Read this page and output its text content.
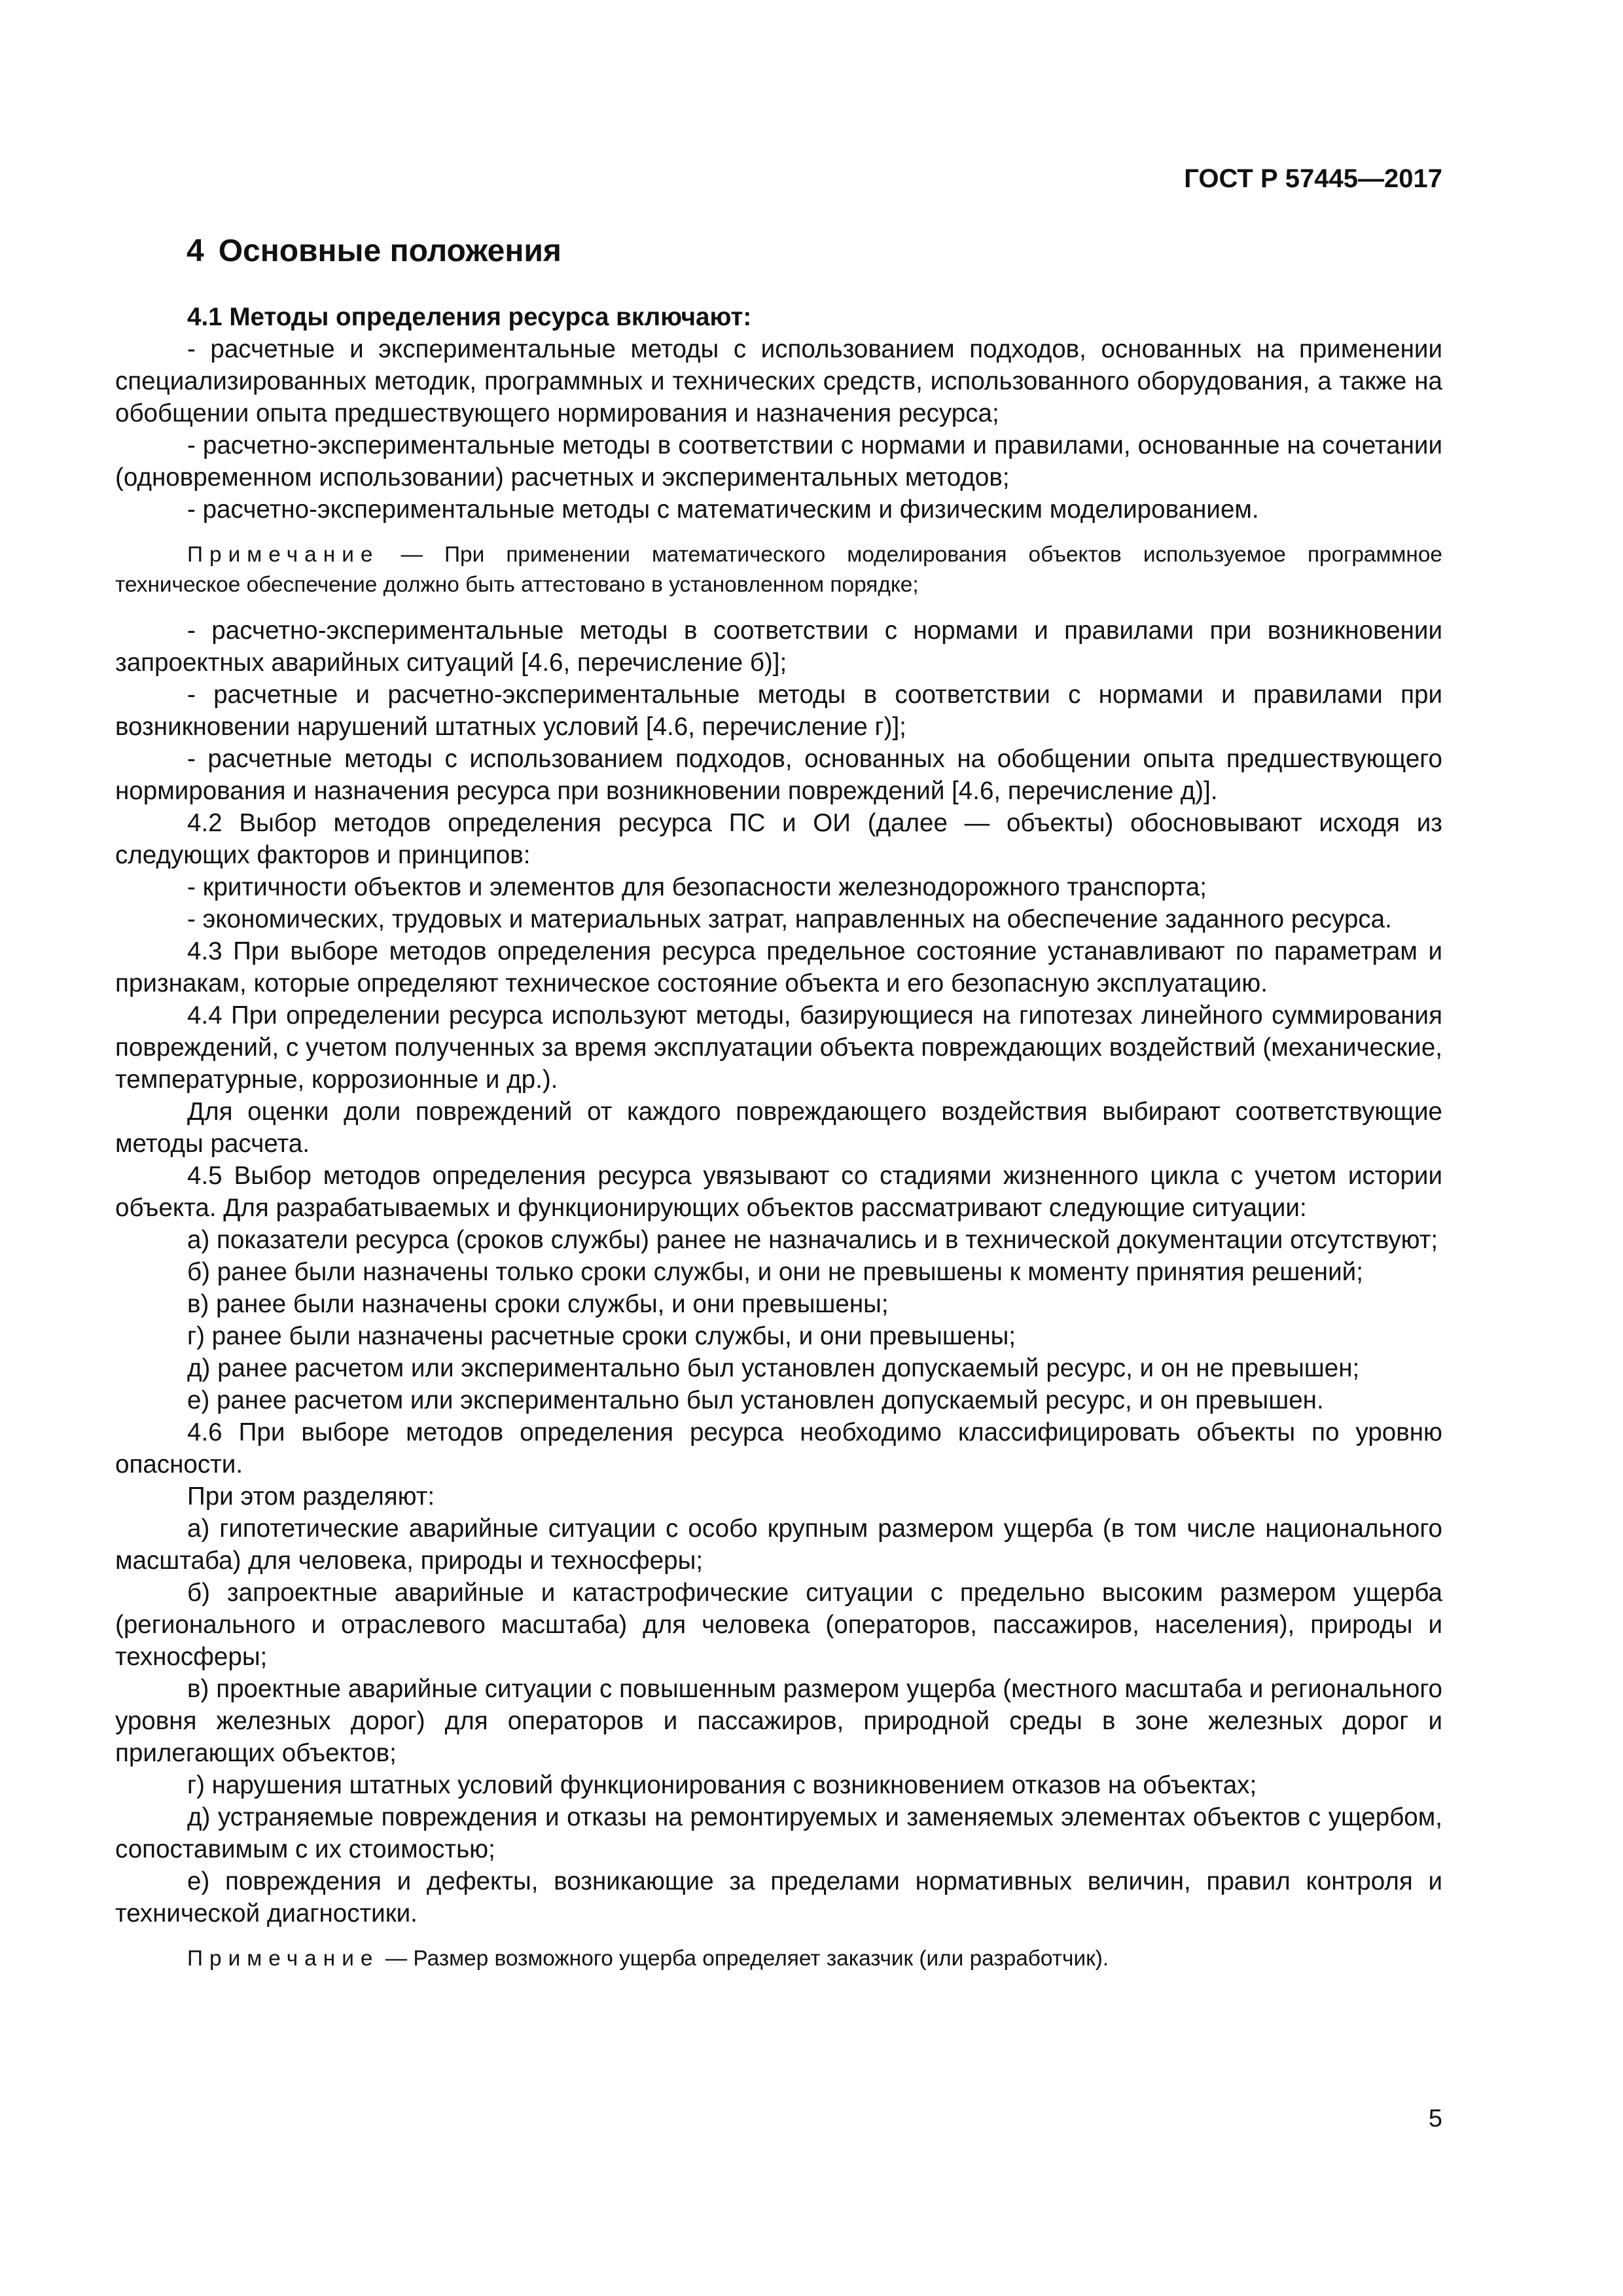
ГОСТ Р 57445—2017
4 Основные положения

4.1 Методы определения ресурса включают:

- расчетные и экспериментальные методы с использованием подходов, основанных на применении специализированных методик, программных и технических средств, использованного оборудования, а также на обобщении опыта предшествующего нормирования и назначения ресурса;

- расчетно-экспериментальные методы в соответствии с нормами и правилами, основанные на сочетании (одновременном использовании) расчетных и экспериментальных методов;

- расчетно-экспериментальные методы с математическим и физическим моделированием.

Примечание — При применении математического моделирования объектов используемое программное техническое обеспечение должно быть аттестовано в установленном порядке;

- расчетно-экспериментальные методы в соответствии с нормами и правилами при возникновении запроектных аварийных ситуаций [4.6, перечисление б)];

- расчетные и расчетно-экспериментальные методы в соответствии с нормами и правилами при возникновении нарушений штатных условий [4.6, перечисление г)];

- расчетные методы с использованием подходов, основанных на обобщении опыта предшествующего нормирования и назначения ресурса при возникновении повреждений [4.6, перечисление д)].

4.2 Выбор методов определения ресурса ПС и ОИ (далее — объекты) обосновывают исходя из следующих факторов и принципов:

- критичности объектов и элементов для безопасности железнодорожного транспорта;

- экономических, трудовых и материальных затрат, направленных на обеспечение заданного ресурса.

4.3 При выборе методов определения ресурса предельное состояние устанавливают по параметрам и признакам, которые определяют техническое состояние объекта и его безопасную эксплуатацию.

4.4 При определении ресурса используют методы, базирующиеся на гипотезах линейного суммирования повреждений, с учетом полученных за время эксплуатации объекта повреждающих воздействий (механические, температурные, коррозионные и др.).

Для оценки доли повреждений от каждого повреждающего воздействия выбирают соответствующие методы расчета.

4.5 Выбор методов определения ресурса увязывают со стадиями жизненного цикла с учетом истории объекта. Для разрабатываемых и функционирующих объектов рассматривают следующие ситуации:

а) показатели ресурса (сроков службы) ранее не назначались и в технической документации отсутствуют;

б) ранее были назначены только сроки службы, и они не превышены к моменту принятия решений;

в) ранее были назначены сроки службы, и они превышены;

г) ранее были назначены расчетные сроки службы, и они превышены;

д) ранее расчетом или экспериментально был установлен допускаемый ресурс, и он не превышен;

е) ранее расчетом или экспериментально был установлен допускаемый ресурс, и он превышен.

4.6 При выборе методов определения ресурса необходимо классифицировать объекты по уровню опасности.

При этом разделяют:

а) гипотетические аварийные ситуации с особо крупным размером ущерба (в том числе национального масштаба) для человека, природы и техносферы;

б) запроектные аварийные и катастрофические ситуации с предельно высоким размером ущерба (регионального и отраслевого масштаба) для человека (операторов, пассажиров, населения), природы и техносферы;

в) проектные аварийные ситуации с повышенным размером ущерба (местного масштаба и регионального уровня железных дорог) для операторов и пассажиров, природной среды в зоне железных дорог и прилегающих объектов;

г) нарушения штатных условий функционирования с возникновением отказов на объектах;

д) устраняемые повреждения и отказы на ремонтируемых и заменяемых элементах объектов с ущербом, сопоставимым с их стоимостью;

е) повреждения и дефекты, возникающие за пределами нормативных величин, правил контроля и технической диагностики.

Примечание — Размер возможного ущерба определяет заказчик (или разработчик).

5
